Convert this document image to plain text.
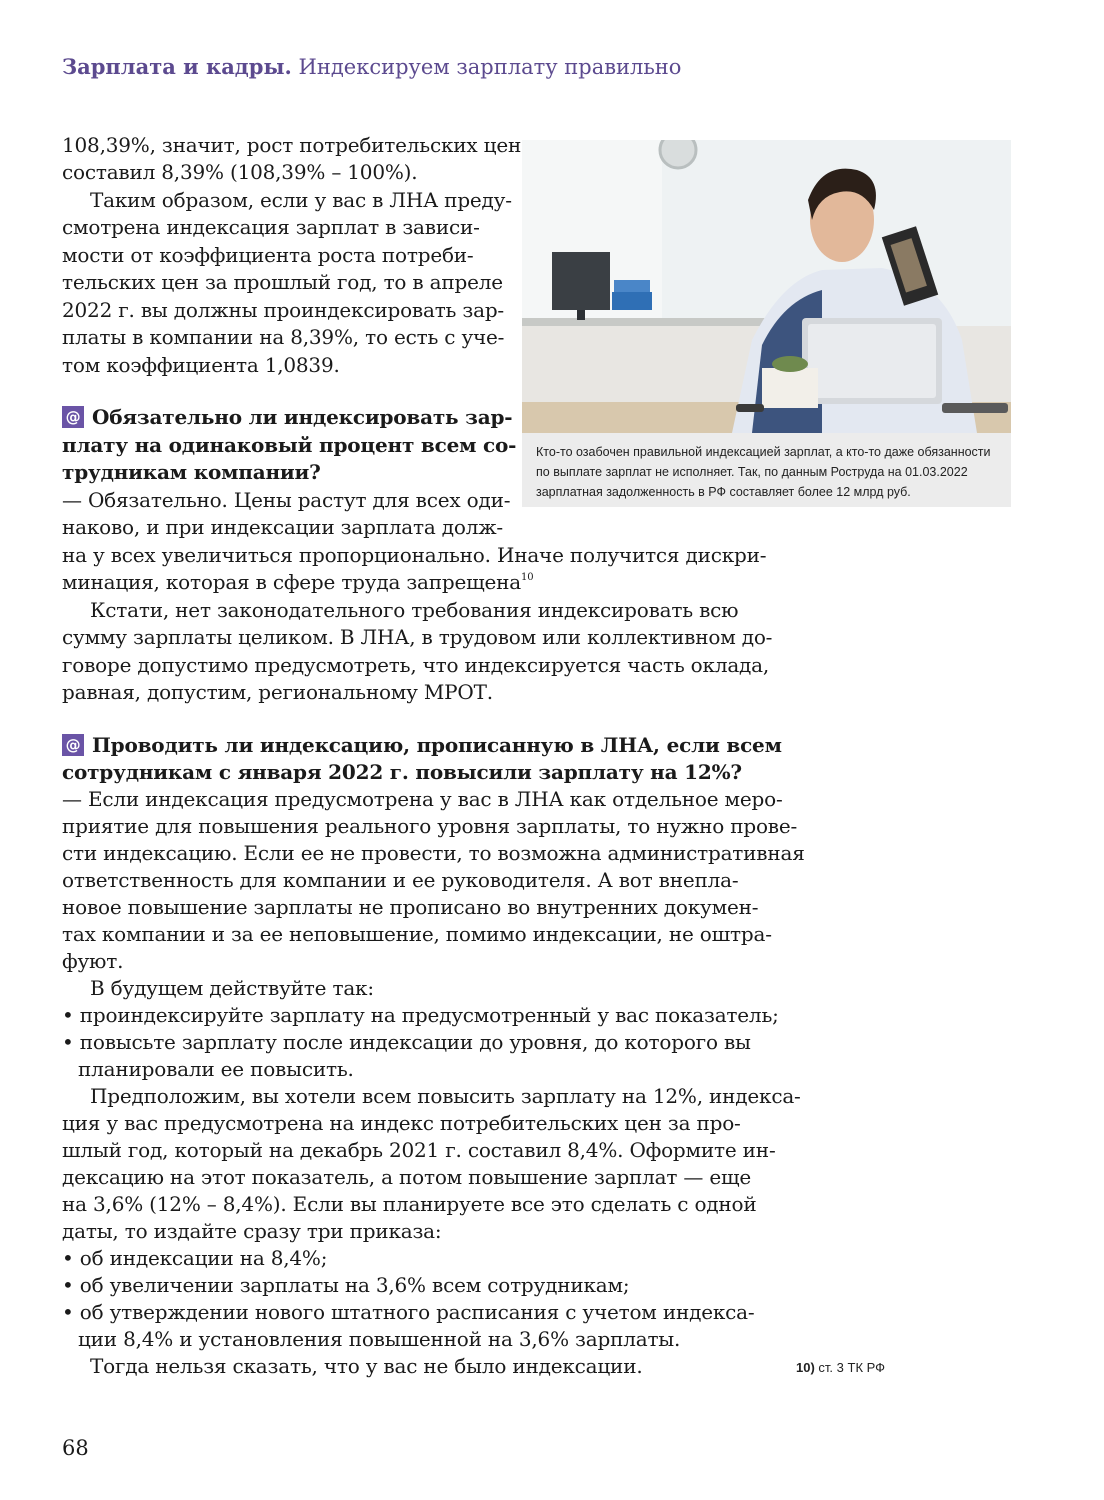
Зарплата и кадры. Индексируем зарплату правильно
108,39%, значит, рост потребительских цен
составил 8,39% (108,39% – 100%).
Таким образом, если у вас в ЛНА преду-
смотрена индексация зарплат в зависи-
мости от коэффициента роста потреби-
тельских цен за прошлый год, то в апреле
2022 г. вы должны проиндексировать зар-
платы в компании на 8,39%, то есть с уче-
том коэффициента 1,0839.
@ Обязательно ли индексировать зар-
плату на одинаковый процент всем со-
трудникам компании?
— Обязательно. Цены растут для всех оди-
наково, и при индексации зарплата долж-
на у всех увеличиться пропорционально. Иначе получится дискри-
минация, которая в сфере труда запрещена$^{10}$
Кстати, нет законодательного требования индексировать всю
сумму зарплаты целиком. В ЛНА, в трудовом или коллективном до-
говоре допустимо предусмотреть, что индексируется часть оклада,
равная, допустим, региональному МРОТ.
@ Проводить ли индексацию, прописанную в ЛНА, если всем
сотрудникам с января 2022 г. повысили зарплату на 12%?
— Если индексация предусмотрена у вас в ЛНА как отдельное меро-
приятие для повышения реального уровня зарплаты, то нужно прове-
сти индексацию. Если ее не провести, то возможна административная
ответственность для компании и ее руководителя. А вот внепла-
новое повышение зарплаты не прописано во внутренних докумен-
тах компании и за ее неповышение, помимо индексации, не оштра-
фуют.
В будущем действуйте так:
• проиндексируйте зарплату на предусмотренный у вас показатель;
• повысьте зарплату после индексации до уровня, до которого вы
планировали ее повысить.
Предположим, вы хотели всем повысить зарплату на 12%, индекса-
ция у вас предусмотрена на индекс потребительских цен за про-
шлый год, который на декабрь 2021 г. составил 8,4%. Оформите ин-
дексацию на этот показатель, а потом повышение зарплат — еще
на 3,6% (12% – 8,4%). Если вы планируете все это сделать с одной
даты, то издайте сразу три приказа:
• об индексации на 8,4%;
• об увеличении зарплаты на 3,6% всем сотрудникам;
• об утверждении нового штатного расписания с учетом индекса-
ции 8,4% и установления повышенной на 3,6% зарплаты.
Тогда нельзя сказать, что у вас не было индексации.
Кто-то озабочен правильной индексацией зарплат, а кто-то даже обязанности
по выплате зарплат не исполняет. Так, по данным Роструда на 01.03.2022
зарплатная задолженность в РФ составляет более 12 млрд руб.
10) ст. 3 ТК РФ
68
